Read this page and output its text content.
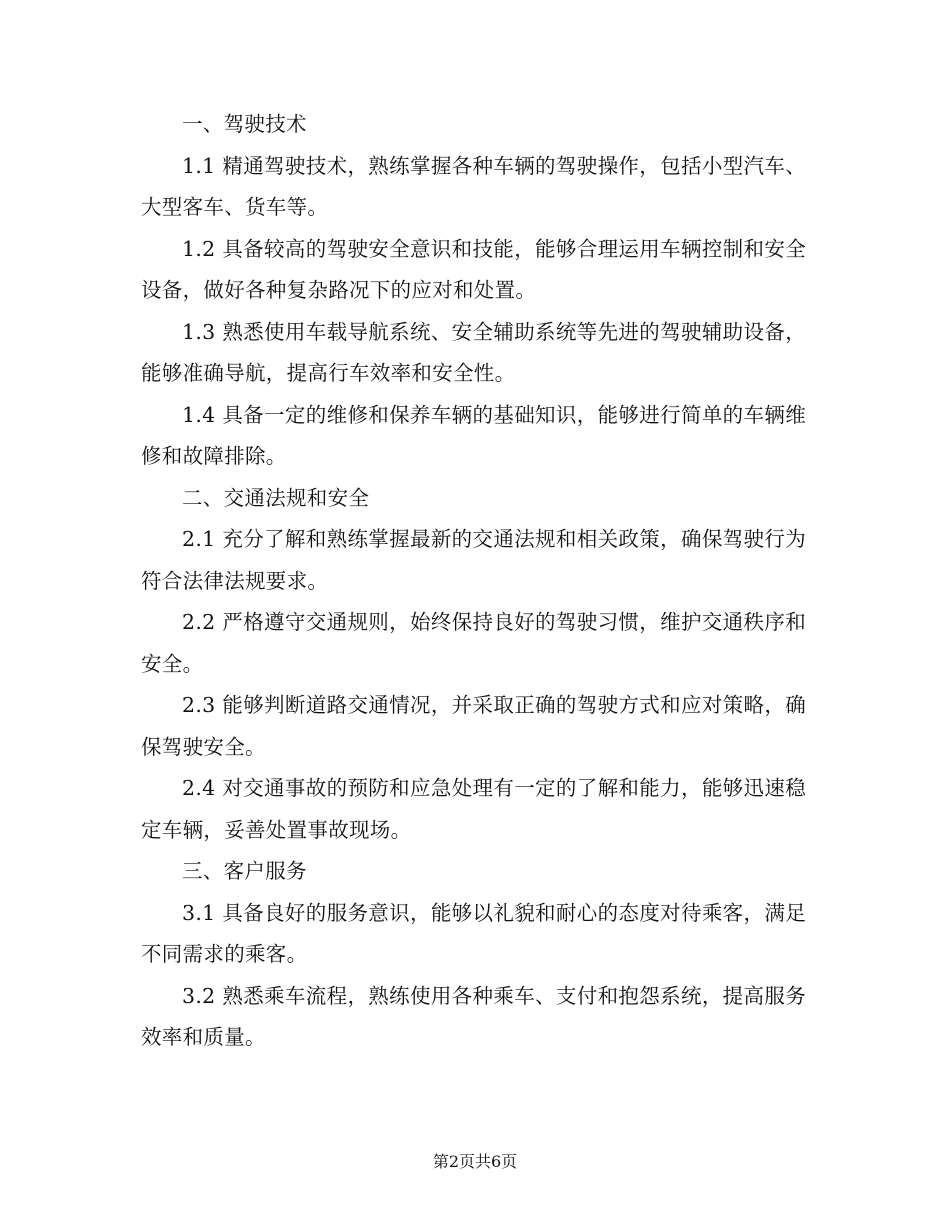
一、驾驶技术

1.1 精通驾驶技术，熟练掌握各种车辆的驾驶操作，包括小型汽车、大型客车、货车等。

1.2 具备较高的驾驶安全意识和技能，能够合理运用车辆控制和安全设备，做好各种复杂路况下的应对和处置。

1.3 熟悉使用车载导航系统、安全辅助系统等先进的驾驶辅助设备，能够准确导航，提高行车效率和安全性。

1.4 具备一定的维修和保养车辆的基础知识，能够进行简单的车辆维修和故障排除。

二、交通法规和安全

2.1 充分了解和熟练掌握最新的交通法规和相关政策，确保驾驶行为符合法律法规要求。

2.2 严格遵守交通规则，始终保持良好的驾驶习惯，维护交通秩序和安全。

2.3 能够判断道路交通情况，并采取正确的驾驶方式和应对策略，确保驾驶安全。

2.4 对交通事故的预防和应急处理有一定的了解和能力，能够迅速稳定车辆，妥善处置事故现场。

三、客户服务

3.1 具备良好的服务意识，能够以礼貌和耐心的态度对待乘客，满足不同需求的乘客。

3.2 熟悉乘车流程，熟练使用各种乘车、支付和抱怨系统，提高服务效率和质量。

第2页共6页
